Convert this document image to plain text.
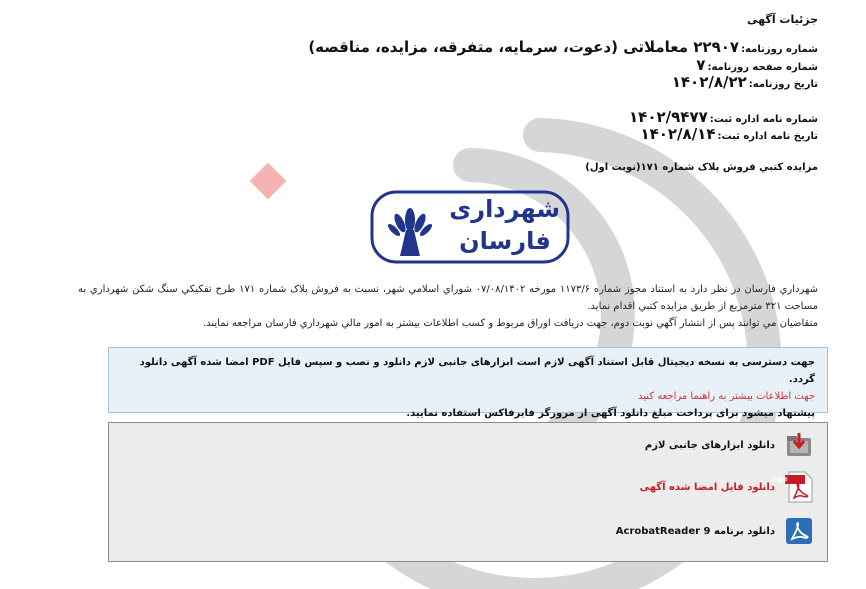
جزئیات آگهی
شماره روزنامه:
۲۲۹۰۷ معاملاتی (دعوت، سرمایه، متفرقه، مزایده، مناقصه)
شماره صفحه روزنامه:
۷
تاریخ روزنامه:
۱۴۰۲/۸/۲۲
شماره نامه اداره ثبت:
۱۴۰۲/۹۴۷۷
تاریخ نامه اداره ثبت:
۱۴۰۲/۸/۱۴
مزایده كتبي فروش پلاک شماره ۱۷۱(نوبت اول)
شهرداری
فارسان
شهرداري فارسان در نظر دارد به استناد مجوز شماره ۱۱۷۳/۶ مورخه ۰۷/۰۸/۱۴۰۲ شوراي اسلامي شهر، نسبت به فروش پلاک شماره ۱۷۱ طرح تفكيكي سنگ شكن شهرداري به مساحت ۳۲۱ مترمربع از طريق مزايده كتبي اقدام نمايد.
متقاضيان مي توانند پس از انتشار آگهي نوبت دوم، جهت دريافت اوراق مربوط و كسب اطلاعات بيشتر به امور مالي شهرداري فارسان مراجعه نمايند.
جهت دسترسی به نسخه دیجیتال قابل استناد آگهی لازم است ابزارهای جانبی لازم دانلود و نصب و سپس فایل PDF امضا شده آگهی دانلود گردد.
جهت اطلاعات بیشتر به راهنما مراجعه کنید
پیشنهاد میشود برای پرداخت مبلغ دانلود آگهی از مرورگر فایرفاکس استفاده نمایید.
دانلود ابزارهای جانبی لازم
PDF
دانلود فایل امضا شده آگهی
دانلود برنامه AcrobatReader 9
